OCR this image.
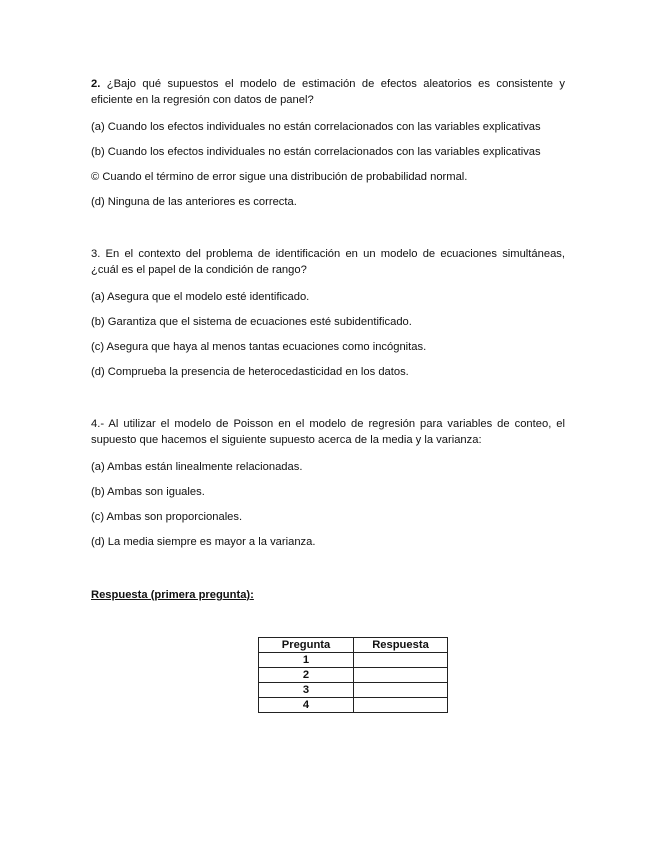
2. ¿Bajo qué supuestos el modelo de estimación de efectos aleatorios es consistente y eficiente en la regresión con datos de panel?

(a) Cuando los efectos individuales no están correlacionados con las variables explicativas

(b) Cuando los efectos individuales no están correlacionados con las variables explicativas

© Cuando el término de error sigue una distribución de probabilidad normal.

(d) Ninguna de las anteriores es correcta.

3. En el contexto del problema de identificación en un modelo de ecuaciones simultáneas, ¿cuál es el papel de la condición de rango?

(a) Asegura que el modelo esté identificado.

(b) Garantiza que el sistema de ecuaciones esté subidentificado.

(c) Asegura que haya al menos tantas ecuaciones como incógnitas.

(d) Comprueba la presencia de heterocedasticidad en los datos.

4.- Al utilizar el modelo de Poisson en el modelo de regresión para variables de conteo, el supuesto que hacemos el siguiente supuesto acerca de la media y la varianza:

(a) Ambas están linealmente relacionadas.

(b) Ambas son iguales.

(c) Ambas son proporcionales.

(d) La media siempre es mayor a la varianza.

Respuesta (primera pregunta):

Pregunta	Respuesta
1	
2	
3	
4	
